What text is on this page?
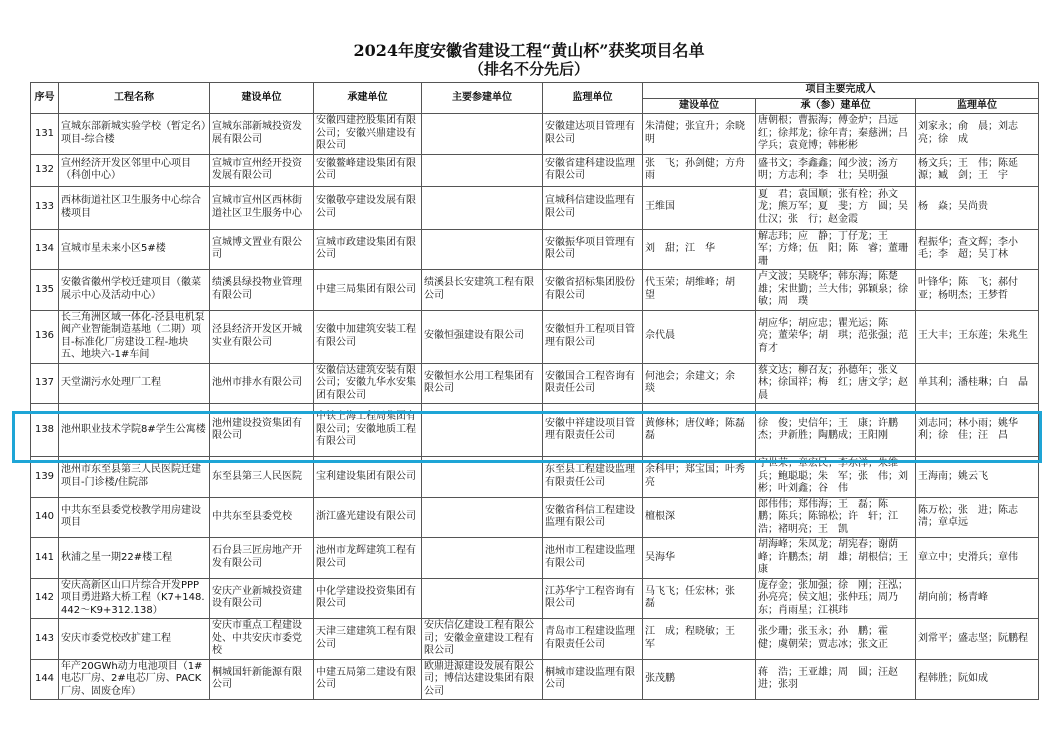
2024年度安徽省建设工程“黄山杯”获奖项目名单
（排名不分先后）
序号	工程名称	建设单位	承建单位	主要参建单位	监理单位	项目主要完成人		
						建设单位	承（参）建单位	监理单位
131	宣城东部新城实验学校（暂定名）项目-综合楼	宣城东部新城投资发展有限公司	安徽四建控股集团有限公司；安徽兴鼎建设有限公司		安徽建达项目管理有限公司	朱清健；张宜升；余晓明	唐朝根；曹振海；傅金炉；吕远红；徐邦龙；徐年青；秦慈洲；吕学兵；袁竟博；韩彬彬	刘家永；俞　晨；刘志亮；徐　成
132	宣州经济开发区邻里中心项目（科创中心）	宣城市宣州经开投资发展有限公司	安徽鳌峰建设集团有限公司		安徽省建科建设监理有限公司	张　飞；孙剑健；方舟雨	盛书文；李鑫鑫；闻少波；汤方明；方志利；李　壮；吴明强	杨文兵；王　伟；陈延源；臧　剑；王　宇
133	西林街道社区卫生服务中心综合楼项目	宣城市宣州区西林街道社区卫生服务中心	安徽敬亭建设发展有限公司		宣城科信建设监理有限公司	王维国	夏　君；袁国顺；张有栓；孙文龙；熊万军；夏　斐；方　圆；吴仕汉；张　行；赵金霞	杨　焱；吴尚贵
134	宣城市星未来小区5#楼	宣城博文置业有限公司	宣城市政建设集团有限公司		安徽振华项目管理有限公司	刘　甜；江　华	解志玮；应　静；丁仔龙；王　军；方烽；伍　阳；陈　睿；董珊珊	程振华；查文辉；李小毛；李　超；吴丁林
135	安徽省徽州学校迁建项目（徽菜展示中心及活动中心）	绩溪县绿投物业管理有限公司	中建三局集团有限公司	绩溪县长安建筑工程有限公司	安徽省招标集团股份有限公司	代玉荣；胡维峰；胡　望	卢文波；吴晓华；韩东海；陈楚雄；宋世勤；兰大伟；郭颖泉；徐敏；周　璞	叶锋华；陈　飞；郝付亚；杨明杰；王梦哲
136	长三角洲区域一体化-泾县电机泵阀产业智能制造基地（二期）项目-标准化厂房建设工程-地块五、地块六-1#车间	泾县经济开发区开城实业有限公司	安徽中加建筑安装工程有限公司	安徽恒强建设有限公司	安徽恒升工程项目管理有限公司	佘代晨	胡应华；胡应忠；瞿光运；陈　亮；董荣华；胡　琪；范张强；范育才	王大丰；王东莲；朱兆生
137	天堂湖污水处理厂工程	池州市排水有限公司	安徽信达建筑安装有限公司；安徽九华水安集团有限公司	安徽恒水公用工程集团有限公司	安徽国合工程咨询有限责任公司	何池会；余建文；余　琰	蔡文达；柳召友；孙德年；张义林；徐国祥；梅　红；唐文学；赵　晨	单其利；潘桂琳；白　晶
138	池州职业技术学院8#学生公寓楼	池州建设投资集团有限公司	中铁上海工程局集团有限公司；安徽地质工程有限公司		安徽中祥建设项目管理有限责任公司	黄修林；唐仪峰；陈磊磊	徐　俊；史信年；王　康；许鹏杰；尹新胜；陶鹏成；王阳刚	刘志同；林小雨；姚华利；徐　佳；汪　昌
139	池州市东至县第三人民医院迁建项目-门诊楼/住院部	东至县第三人民医院	宝利建设集团有限公司		东至县工程建设监理有限责任公司	余科甲；郑宝国；叶秀亮	宇世荣；章宏民；李东洋；朱维兵；鲍聪聪；朱　军；张　伟；刘　彬；叶刘鑫；谷　伟	王海南；姚云飞
140	中共东至县委党校教学用房建设项目	中共东至县委党校	浙江盛光建设有限公司		安徽省科信工程建设监理有限公司	檀根深	郎伟伟；郑伟海；王　磊；陈　鹏；陈兵；陈锦松；许　轩；江　浩；褚明亮；王　凯	陈万松；张　进；陈志清；章卓远
141	秋浦之星一期22#楼工程	石台县三匠房地产开发有限公司	池州市龙辉建筑工程有限公司		池州市工程建设监理有限公司	吴海华	胡海峰；朱凤龙；胡宪春；谢荫峰；许鹏杰；胡　雄；胡根信；王　康	章立中；史滑兵；章伟
142	安庆高新区山口片综合开发PPP项目勇进路大桥工程（K7+148.442～K9+312.138）	安庆产业新城投资建设有限公司	中化学建设投资集团有限公司		江苏华宁工程咨询有限公司	马飞飞；任宏林；张　磊	庞存金；张加强；徐　刚；汪泓；孙亮亮；侯文旭；张仲珏；周乃东；肖雨星；江祺玮	胡向前；杨青峰
143	安庆市委党校改扩建工程	安庆市重点工程建设处、中共安庆市委党校	天津三建建筑工程有限公司	安庆信亿建设工程有限公司；安徽金童建设工程有限公司	青岛市工程建设监理有限责任公司	江　成；程晓敏；王　军	张少珊；张玉永；孙　鹏；霍　健；虞朝荣；贾志冰；张文正	刘常平；盛志坚；阮鹏程
144	年产20GWh动力电池项目（1#电芯厂房、2#电芯厂房、PACK厂房、固废仓库）	桐城国轩新能源有限公司	中建五局第二建设有限公司	欧鼎进源建设发展有限公司；博信达建设集团有限公司	桐城市建设监理有限公司	张茂鹏	蒋　浩；王亚雄；周　圆；汪赵进；张羽	程韩胜；阮如成
